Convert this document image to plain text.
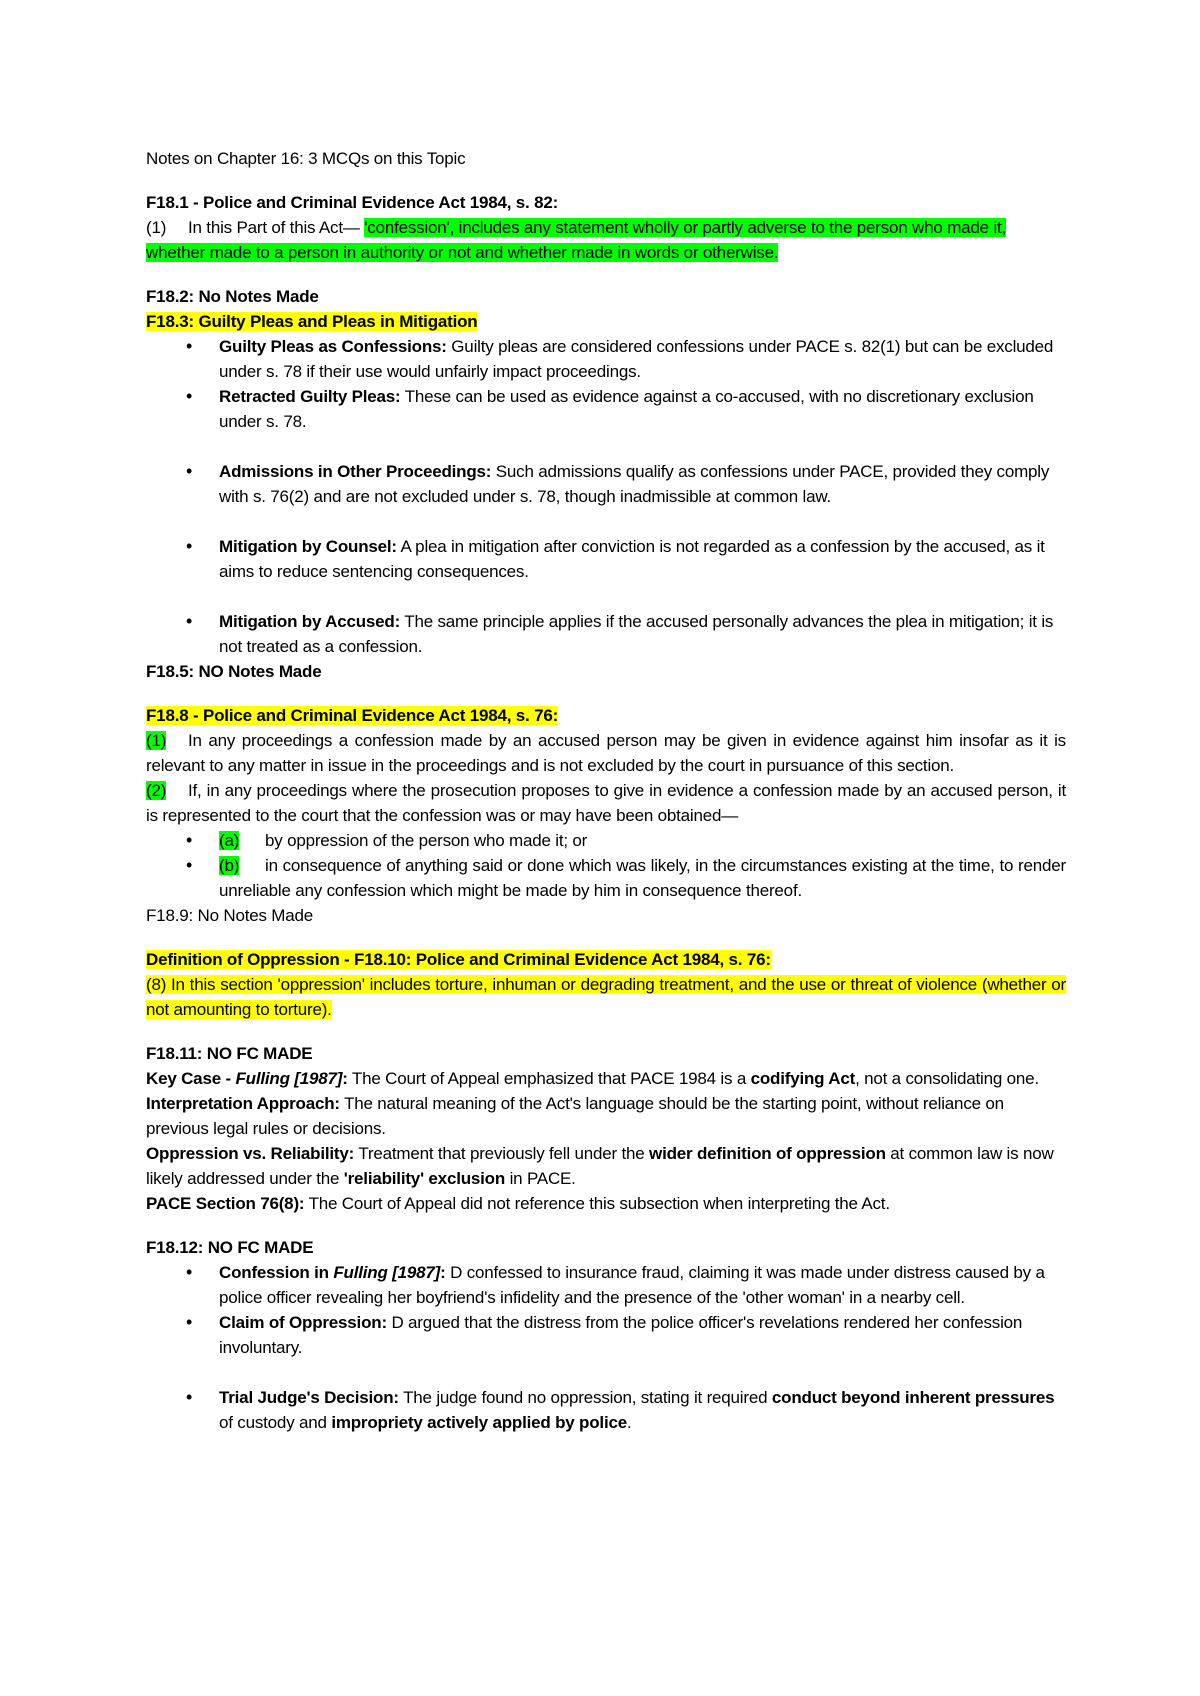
Notes on Chapter 16: 3 MCQs on this Topic

F18.1 - Police and Criminal Evidence Act 1984, s. 82:

(1) In this Part of this Act— 'confession', includes any statement wholly or partly adverse to the person who made it, whether made to a person in authority or not and whether made in words or otherwise.

F18.2: No Notes Made

F18.3: Guilty Pleas and Pleas in Mitigation

• Guilty Pleas as Confessions: Guilty pleas are considered confessions under PACE s. 82(1) but can be excluded under s. 78 if their use would unfairly impact proceedings.
• Retracted Guilty Pleas: These can be used as evidence against a co-accused, with no discretionary exclusion under s. 78.
• Admissions in Other Proceedings: Such admissions qualify as confessions under PACE, provided they comply with s. 76(2) and are not excluded under s. 78, though inadmissible at common law.
• Mitigation by Counsel: A plea in mitigation after conviction is not regarded as a confession by the accused, as it aims to reduce sentencing consequences.
• Mitigation by Accused: The same principle applies if the accused personally advances the plea in mitigation; it is not treated as a confession.

F18.5: NO Notes Made

F18.8 - Police and Criminal Evidence Act 1984, s. 76:

(1) In any proceedings a confession made by an accused person may be given in evidence against him insofar as it is relevant to any matter in issue in the proceedings and is not excluded by the court in pursuance of this section.

(2) If, in any proceedings where the prosecution proposes to give in evidence a confession made by an accused person, it is represented to the court that the confession was or may have been obtained—

• (a) by oppression of the person who made it; or
• (b) in consequence of anything said or done which was likely, in the circumstances existing at the time, to render unreliable any confession which might be made by him in consequence thereof.

F18.9: No Notes Made

Definition of Oppression - F18.10: Police and Criminal Evidence Act 1984, s. 76:

(8) In this section 'oppression' includes torture, inhuman or degrading treatment, and the use or threat of violence (whether or not amounting to torture).

F18.11: NO FC MADE

Key Case - Fulling [1987]: The Court of Appeal emphasized that PACE 1984 is a codifying Act, not a consolidating one.

Interpretation Approach: The natural meaning of the Act's language should be the starting point, without reliance on previous legal rules or decisions.

Oppression vs. Reliability: Treatment that previously fell under the wider definition of oppression at common law is now likely addressed under the 'reliability' exclusion in PACE.

PACE Section 76(8): The Court of Appeal did not reference this subsection when interpreting the Act.

F18.12: NO FC MADE

• Confession in Fulling [1987]: D confessed to insurance fraud, claiming it was made under distress caused by a police officer revealing her boyfriend's infidelity and the presence of the 'other woman' in a nearby cell.
• Claim of Oppression: D argued that the distress from the police officer's revelations rendered her confession involuntary.
• Trial Judge's Decision: The judge found no oppression, stating it required conduct beyond inherent pressures of custody and impropriety actively applied by police.
